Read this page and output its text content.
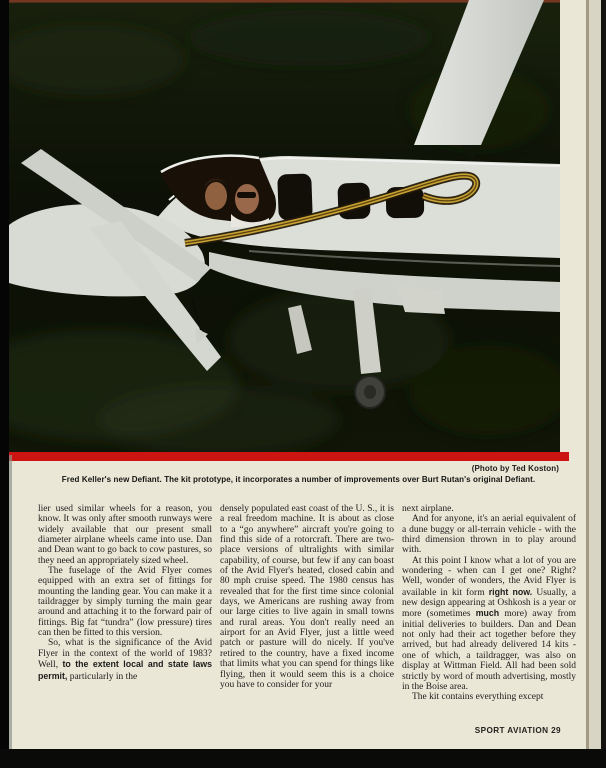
(Photo by Ted Koston)
Fred Keller's new Defiant. The kit prototype, it incorporates a number of improvements over Burt Rutan's original Defiant.

lier used similar wheels for a reason, you know. It was only after smooth runways were widely available that our present small diameter airplane wheels came into use. Dan and Dean want to go back to cow pastures, so they need an appropriately sized wheel.

The fuselage of the Avid Flyer comes equipped with an extra set of fittings for mounting the landing gear. You can make it a taildragger by simply turning the main gear around and attaching it to the forward pair of fittings. Big fat “tundra” (low pressure) tires can then be fitted to this version.

So, what is the significance of the Avid Flyer in the context of the world of 1983? Well, to the extent local and state laws permit, particularly in the

densely populated east coast of the U. S., it is a real freedom machine. It is about as close to a “go anywhere” aircraft you're going to find this side of a rotorcraft. There are two-place versions of ultralights with similar capability, of course, but few if any can boast of the Avid Flyer's heated, closed cabin and 80 mph cruise speed. The 1980 census has revealed that for the first time since colonial days, we Americans are rushing away from our large cities to live again in small towns and rural areas. You don't really need an airport for an Avid Flyer, just a little weed patch or pasture will do nicely. If you've retired to the country, have a fixed income that limits what you can spend for things like flying, then it would seem this is a choice you have to consider for your

next airplane.

And for anyone, it's an aerial equivalent of a dune buggy or all-terrain vehicle - with the third dimension thrown in to play around with.

At this point I know what a lot of you are wondering - when can I get one? Right? Well, wonder of wonders, the Avid Flyer is available in kit form right now. Usually, a new design appearing at Oshkosh is a year or more (sometimes much more) away from initial deliveries to builders. Dan and Dean not only had their act together before they arrived, but had already delivered 14 kits - one of which, a taildragger, was also on display at Wittman Field. All had been sold strictly by word of mouth advertising, mostly in the Boise area.

The kit contains everything except

SPORT AVIATION 29
